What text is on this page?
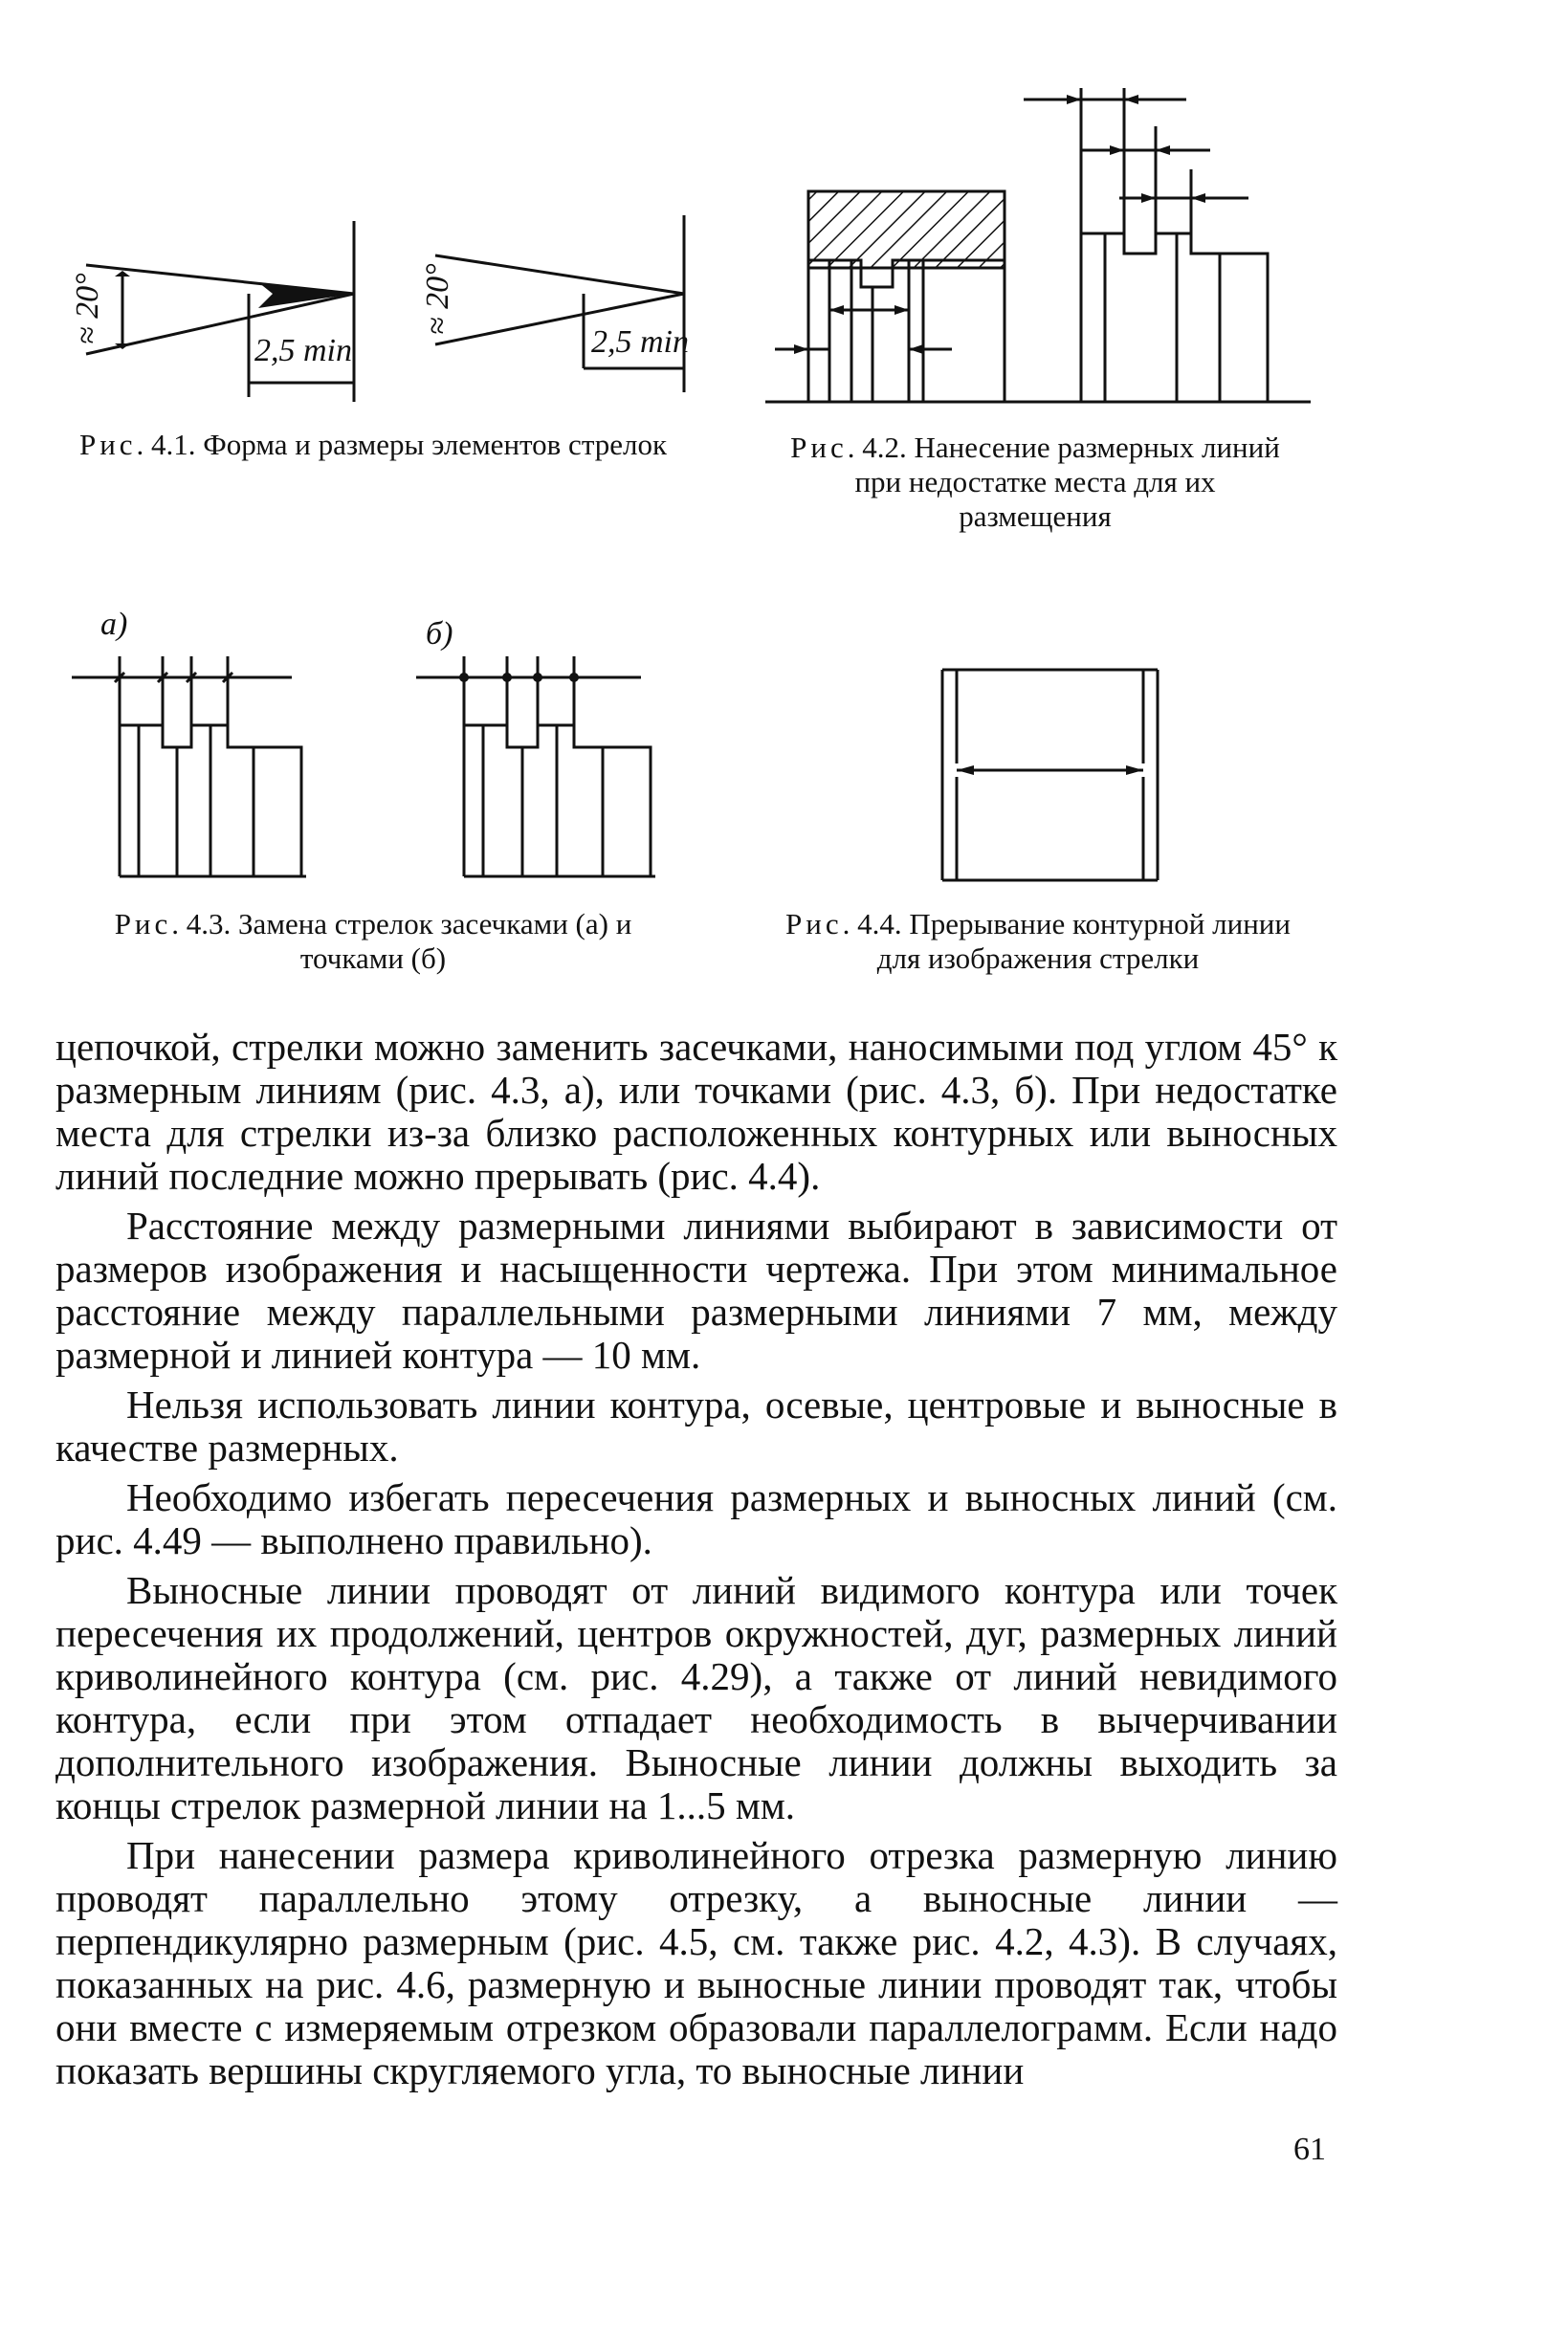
2,5 min	2,5 min
≈ 20°	≈ 20°
Рис. 4.1. Форма и размеры элементов стрелок	Рис. 4.2. Нанесение размерных линий при недостатке места для их размещения
а)	б)
Рис. 4.3. Замена стрелок засечками (а) и точками (б)
Рис. 4.4. Прерывание контурной линии для изображения стрелки

цепочкой, стрелки можно заменить засечками, наносимыми под углом 45° к размерным линиям (рис. 4.3, а), или точками (рис. 4.3, б). При недостатке места для стрелки из-за близко расположенных контурных или выносных линий последние можно прерывать (рис. 4.4).

Расстояние между размерными линиями выбирают в зависимости от размеров изображения и насыщенности чертежа. При этом минимальное расстояние между параллельными размерными линиями 7 мм, между размерной и линией контура — 10 мм.

Нельзя использовать линии контура, осевые, центровые и выносные в качестве размерных.

Необходимо избегать пересечения размерных и выносных линий (см. рис. 4.49 — выполнено правильно).

Выносные линии проводят от линий видимого контура или точек пересечения их продолжений, центров окружностей, дуг, размерных линий криволинейного контура (см. рис. 4.29), а также от линий невидимого контура, если при этом отпадает необходимость в вычерчивании дополнительного изображения. Выносные линии должны выходить за концы стрелок размерной линии на 1...5 мм.

При нанесении размера криволинейного отрезка размерную линию проводят параллельно этому отрезку, а выносные линии — перпендикулярно размерным (рис. 4.5, см. также рис. 4.2, 4.3). В случаях, показанных на рис. 4.6, размерную и выносные линии проводят так, чтобы они вместе с измеряемым отрезком образовали параллелограмм. Если надо показать вершины скругляемого угла, то выносные линии

61
